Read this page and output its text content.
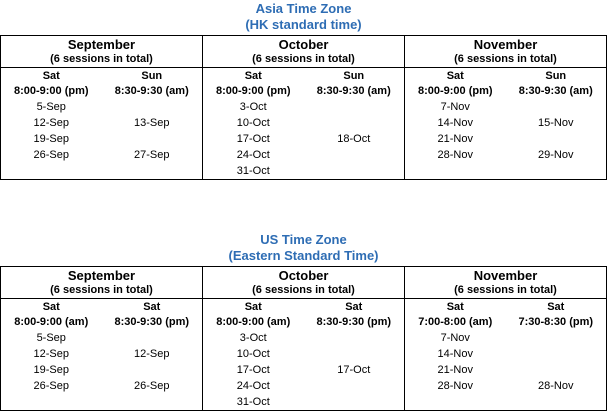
Asia Time Zone
(HK standard time)
September
(6 sessions in total)
Sat
8:00-9:00 (pm)
5-Sep
12-Sep
19-Sep
26-Sep

Sun
8:30-9:30 (am)

13-Sep

27-Sep

October
(6 sessions in total)
Sat
8:00-9:00 (pm)
3-Oct
10-Oct
17-Oct
24-Oct
31-Oct
Sun
8:30-9:30 (am)

18-Oct

November
(6 sessions in total)
Sat
8:00-9:00 (pm)
7-Nov
14-Nov
21-Nov
28-Nov

Sun
8:30-9:30 (am)

15-Nov

29-Nov

US Time Zone
(Eastern Standard Time)
September
(6 sessions in total)
Sat
8:00-9:00 (am)
5-Sep
12-Sep
19-Sep
26-Sep

Sat
8:30-9:30 (pm)

12-Sep

26-Sep

October
(6 sessions in total)
Sat
8:00-9:00 (am)
3-Oct
10-Oct
17-Oct
24-Oct
31-Oct
Sat
8:30-9:30 (pm)

17-Oct

November
(6 sessions in total)
Sat
7:00-8:00 (am)
7-Nov
14-Nov
21-Nov
28-Nov

Sat
7:30-8:30 (pm)

28-Nov
